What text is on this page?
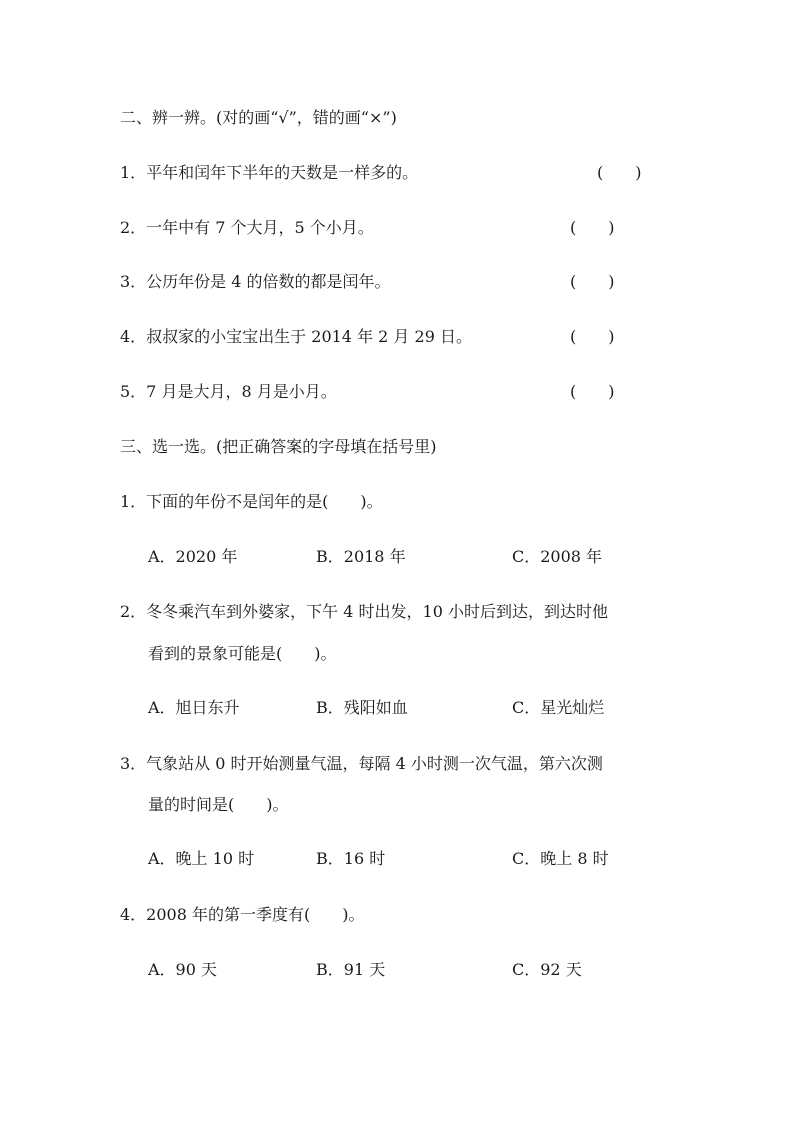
二、辨一辨。(对的画“√”，错的画“×”)
1．平年和闰年下半年的天数是一样多的。	(　　)
2．一年中有 7 个大月，5 个小月。	(　　)
3．公历年份是 4 的倍数的都是闰年。	(　　)
4．叔叔家的小宝宝出生于 2014 年 2 月 29 日。	(　　)
5．7 月是大月，8 月是小月。	(　　)
三、选一选。(把正确答案的字母填在括号里)
1．下面的年份不是闰年的是(　　)。
A．2020 年	B．2018 年	C．2008 年
2．冬冬乘汽车到外婆家，下午 4 时出发，10 小时后到达，到达时他
看到的景象可能是(　　)。
A．旭日东升	B．残阳如血	C．星光灿烂
3．气象站从 0 时开始测量气温，每隔 4 小时测一次气温，第六次测
量的时间是(　　)。
A．晚上 10 时	B．16 时	C．晚上 8 时
4．2008 年的第一季度有(　　)。
A．90 天	B．91 天	C．92 天
